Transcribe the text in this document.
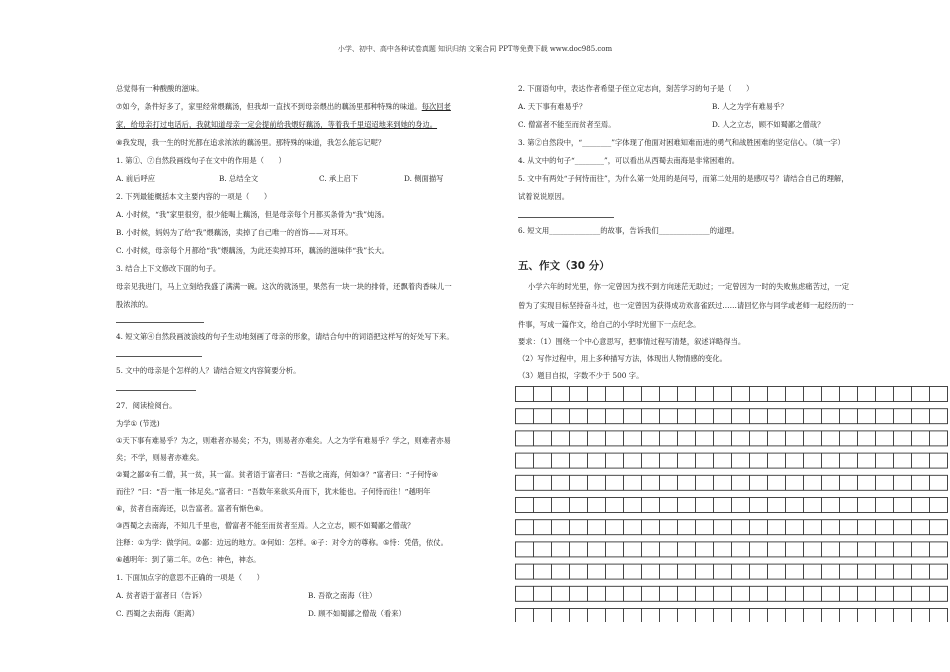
小学、初中、高中各种试卷真题 知识归纳 文案合同 PPT等免费下载 www.doc985.com
总觉得有一种酸酸的滋味。
⑦如今，条件好多了，家里经常煨藕汤，但我却一直找不到母亲煨出的藕汤里那种特殊的味道。每次回老
家，给母亲打过电话后，我就知道母亲一定会提前给我煨好藕汤，等着我千里迢迢地来到她的身边。
⑧我发现，我一生的时光都在追求浓浓的藕汤里。那特殊的味道，我怎么能忘记呢？
1. 第①、⑦自然段画线句子在文中的作用是（　　）
A. 前后呼应	B. 总结全文	C. 承上启下	D. 侧面描写
2. 下列最能概括本文主要内容的一项是（　　）
A. 小时候，“我”家里很穷，很少能喝上藕汤，但是母亲每个月都买条骨为“我”炖汤。
B. 小时候，妈妈为了给“我”煨藕汤，卖掉了自己唯一的首饰——对耳环。
C. 小时候，母亲每个月都给“我”煨藕汤，为此还卖掉耳环，藕汤的滋味伴“我”长大。
3. 结合上下文修改下面的句子。
母亲见我进门，马上立刻给我盛了满满一碗。这次的就汤里，果然有一块一块的排骨，还飘着肉香味儿一
股浓浓的。
4. 短文第④自然段画波浪线的句子生动地刻画了母亲的形象，请结合句中的词语把这样写的好处写下来。
5. 文中的母亲是个怎样的人？请结合短文内容简要分析。
27．阅读检阅台。
为学① (节选)
①天下事有难易乎？为之，则难者亦易矣；不为，则易者亦难矣。人之为学有难易乎？学之，则难者亦易
矣；不学，则易者亦难矣。
②蜀之鄙②有二僧，其一贫，其一富。贫者语于富者曰：“吾欲之南海，何如③？”富者曰：“子何恃④
而往？”曰：“吾一瓶一钵足矣。”富者曰：“吾数年来欲买舟而下，犹未能也。子何恃而往！”越明年
⑥，贫者自南海还，以告富者。富者有惭色⑥。
③西蜀之去南海，不知几千里也，僧富者不能至而贫者至焉。人之立志，顾不如蜀鄙之僧哉？
注释：①为学：做学问。②鄙：边远的地方。③何如：怎样。④子：对令方的尊称。⑤恃：凭借，依仗。
⑥越明年：到了第二年。⑦色：神色，神态。
1. 下面加点字的意思不正确的一项是（　　）
A. 贫者语于富者曰（告诉）	B. 吾欲之南海（往）
C. 西蜀之去南海（距离）	D. 顾不如蜀鄙之僧哉（看来）
2. 下面语句中，表达作者希望子侄立定志向，刻苦学习的句子是（　　）
A. 天下事有难易乎？	B. 人之为学有难易乎？
C. 僧富者不能至而贫者至焉。	D. 人之立志，顾不如蜀鄙之僧哉？
3. 第②自然段中，“________”字体现了他面对困难知难而进的勇气和战胜困难的坚定信心。（填一字）
4. 从文中的句子“________”，可以看出从西蜀去南海是非常困难的。
5. 文中有两处“子何恃而往”，为什么第一处用的是问号，而第二处用的是感叹号？请结合自己的理解，
试着说说原因。
6. 短文用______________的故事，告诉我们______________的道理。
五、作文（30 分）
小学六年的时光里，你一定曾因为找不到方向迷茫无助过；一定曾因为一时的失败焦虑痛苦过，一定
曾为了实现目标坚持奋斗过，也一定曾因为获得成功欢喜雀跃过……请回忆你与同学或老师一起经历的一
件事，写成一篇作文，给自己的小学时光留下一点纪念。
要求：（1）围绕一个中心意思写，把事情过程写清楚，叙述详略得当。
（2）写作过程中，用上多种描写方法，体现出人物情感的变化。
（3）题目自拟，字数不少于 500 字。
